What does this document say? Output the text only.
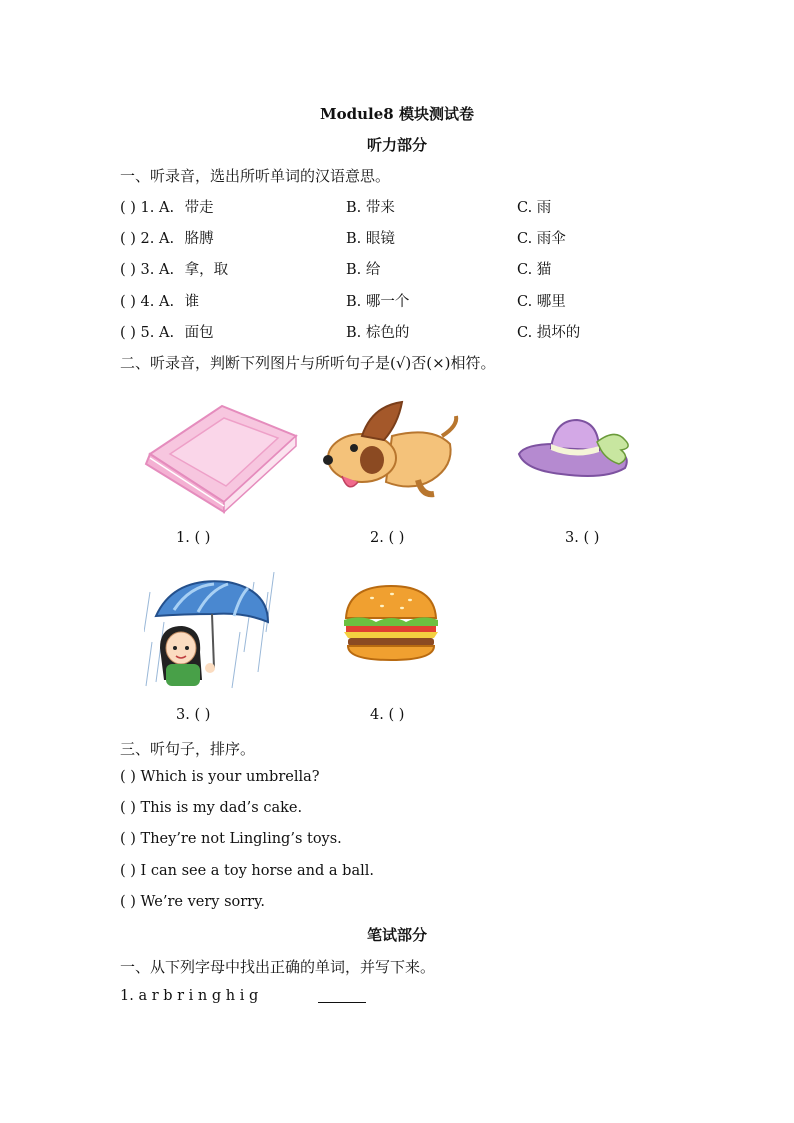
Module8 模块测试卷
听力部分
一、听录音，选出所听单词的汉语意思。
( ) 1. A. 带走	B. 带来	C. 雨
( ) 2. A. 胳膊	B. 眼镜	C. 雨伞
( ) 3. A. 拿，取	B. 给	C. 猫
( ) 4. A. 谁	B. 哪一个	C. 哪里
( ) 5. A. 面包	B. 棕色的	C. 损坏的
二、听录音，判断下列图片与所听句子是(√)否(×)相符。
1. ( )	2. ( )	3. ( )
3. ( )	4. ( )
三、听句子，排序。
( ) Which is your umbrella?
( ) This is my dad’s cake.
( ) They’re not Lingling’s toys.
( ) I can see a toy horse and a ball.
( ) We’re very sorry.
笔试部分
一、从下列字母中找出正确的单词，并写下来。
1. a r b r i n g h i g
